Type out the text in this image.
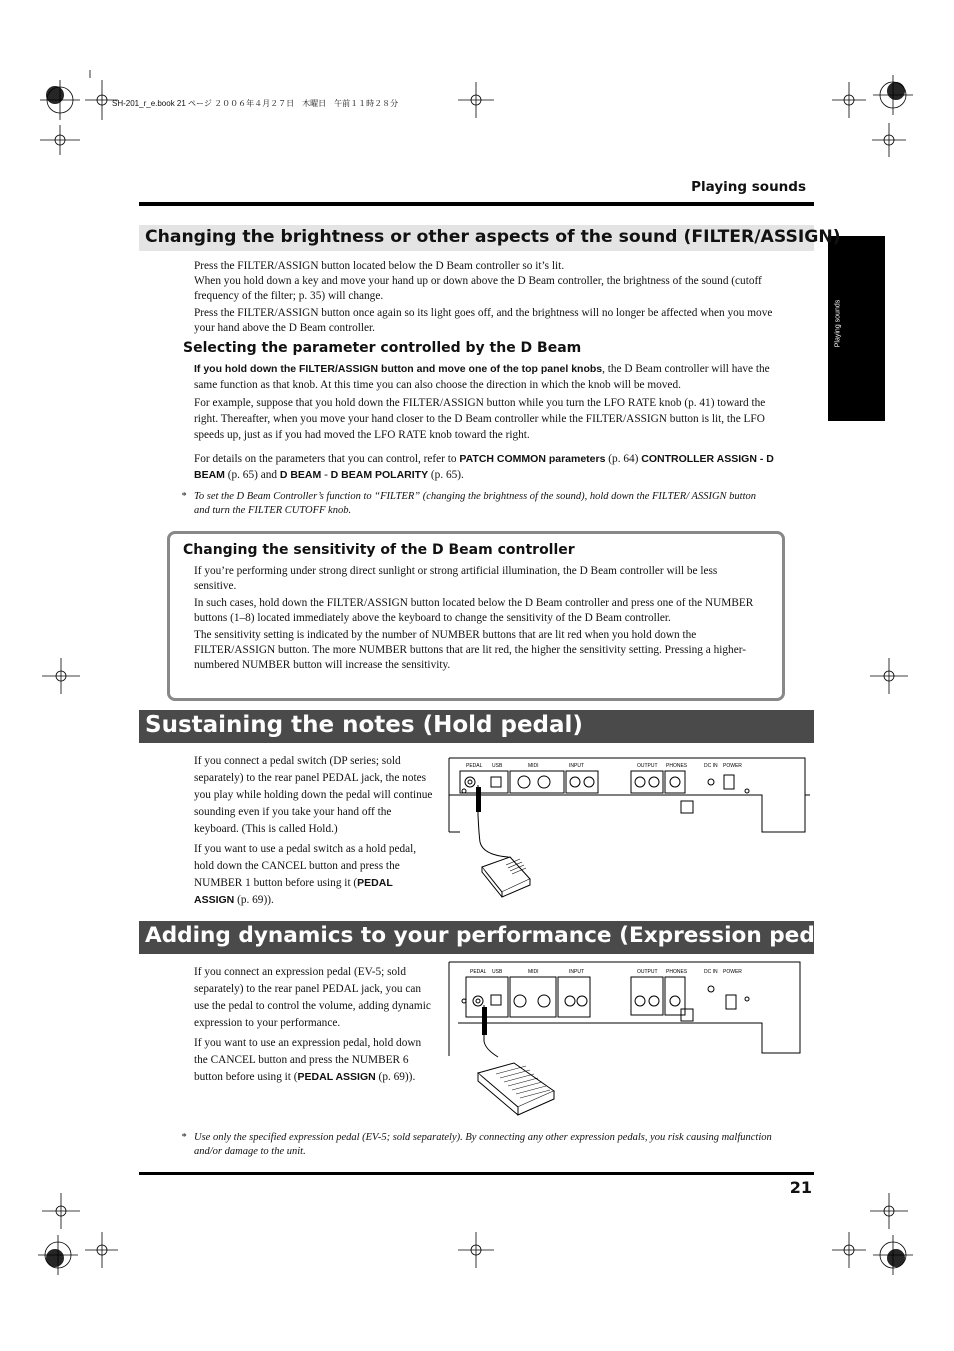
SH-201_r_e.book 21 ページ ２００６年４月２７日　木曜日　午前１１時２８分
Playing sounds
Playing sounds
Changing the brightness or other aspects of the sound (FILTER/ASSIGN)

Press the FILTER/ASSIGN button located below the D Beam controller so it’s lit.

When you hold down a key and move your hand up or down above the D Beam controller, the brightness of the sound (cutoff frequency of the filter; p. 35) will change.

Press the FILTER/ASSIGN button once again so its light goes off, and the brightness will no longer be affected when you move your hand above the D Beam controller.

Selecting the parameter controlled by the D Beam

If you hold down the FILTER/ASSIGN button and move one of the top panel knobs, the D Beam controller will have the same function as that knob. At this time you can also choose the direction in which the knob will be moved.

For example, suppose that you hold down the FILTER/ASSIGN button while you turn the LFO RATE knob (p. 41) toward the right. Thereafter, when you move your hand closer to the D Beam controller while the FILTER/ASSIGN button is lit, the LFO speeds up, just as if you had moved the LFO RATE knob toward the right.

For details on the parameters that you can control, refer to PATCH COMMON parameters (p. 64) CONTROLLER ASSIGN - D BEAM (p. 65) and D BEAM - D BEAM POLARITY (p. 65).

* To set the D Beam Controller’s function to “FILTER” (changing the brightness of the sound), hold down the FILTER/ ASSIGN button and turn the FILTER CUTOFF knob.
Changing the sensitivity of the D Beam controller

If you’re performing under strong direct sunlight or strong artificial illumination, the D Beam controller will be less sensitive.

In such cases, hold down the FILTER/ASSIGN button located below the D Beam controller and press one of the NUMBER buttons (1–8) located immediately above the keyboard to change the sensitivity of the D Beam controller.

The sensitivity setting is indicated by the number of NUMBER buttons that are lit red when you hold down the FILTER/ASSIGN button. The more NUMBER buttons that are lit red, the higher the sensitivity setting. Pressing a higher-numbered NUMBER button will increase the sensitivity.

Sustaining the notes (Hold pedal)

If you connect a pedal switch (DP series; sold separately) to the rear panel PEDAL jack, the notes you play while holding down the pedal will continue sounding even if you take your hand off the keyboard. (This is called Hold.)

If you want to use a pedal switch as a hold pedal, hold down the CANCEL button and press the NUMBER 1 button before using it (PEDAL ASSIGN (p. 69)).

PEDAL USB	MIDI	INPUT	OUTPUT PHONES	DC IN POWER
Adding dynamics to your performance (Expression pedal)

If you connect an expression pedal (EV-5; sold separately) to the rear panel PEDAL jack, you can use the pedal to control the volume, adding dynamic expression to your performance.

If you want to use an expression pedal, hold down the CANCEL button and press the NUMBER 6 button before using it (PEDAL ASSIGN (p. 69)).

PEDAL USB	MIDI	INPUT	OUTPUT PHONES	DC IN POWER
* Use only the specified expression pedal (EV-5; sold separately). By connecting any other expression pedals, you risk causing malfunction and/or damage to the unit.
21
